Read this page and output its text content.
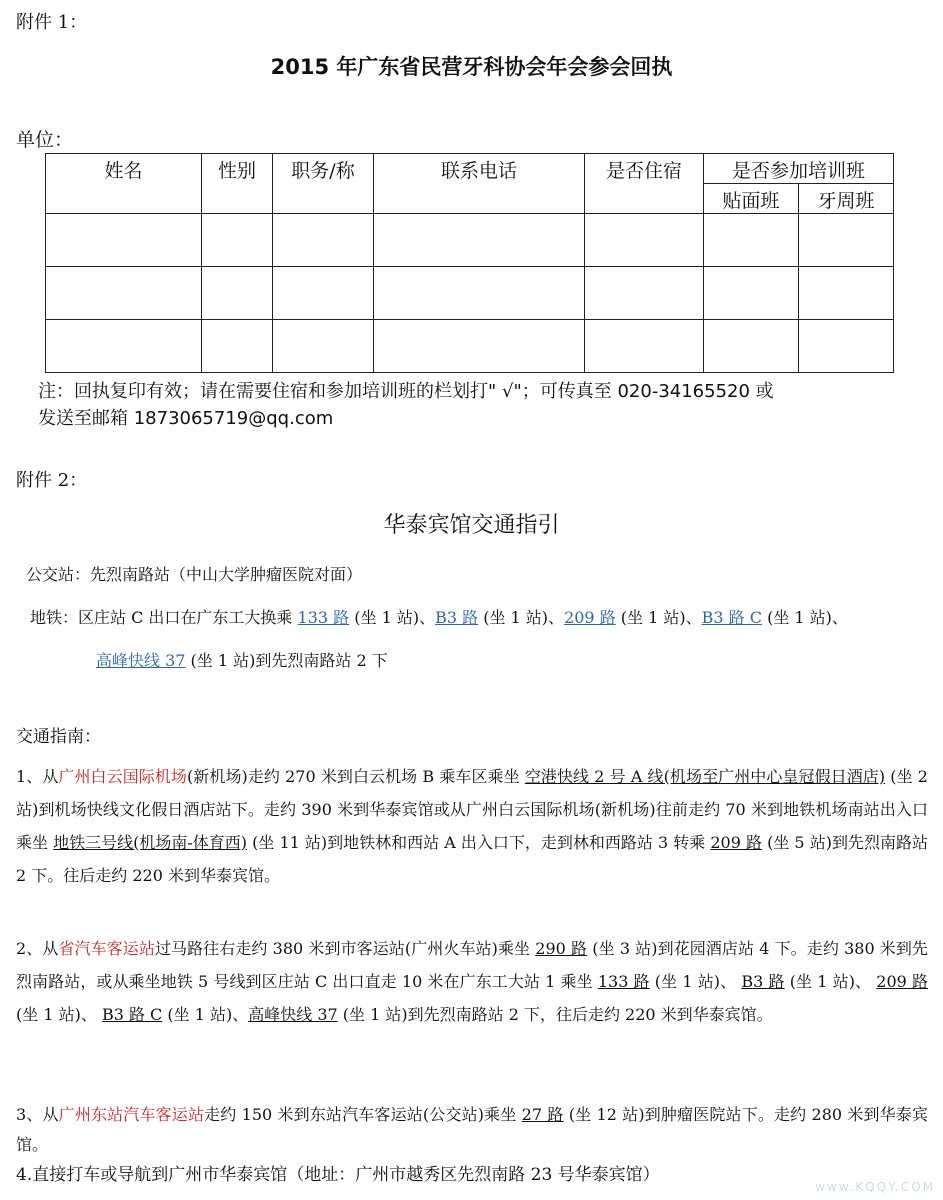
附件 1：
2015 年广东省民营牙科协会年会参会回执
单位：
姓名	性别	职务/称	联系电话	是否住宿	是否参加培训班	
					贴面班	牙周班

注：回执复印有效；请在需要住宿和参加培训班的栏划打" √"；可传真至 020-34165520 或
发送至邮箱 1873065719@qq.com
附件 2：
华泰宾馆交通指引
公交站：先烈南路站（中山大学肿瘤医院对面）
地铁：区庄站 C 出口在广东工大换乘 133 路 (坐 1 站)、B3 路 (坐 1 站)、209 路 (坐 1 站)、B3 路 C (坐 1 站)、
高峰快线 37 (坐 1 站)到先烈南路站 2 下
交通指南：
1、从广州白云国际机场(新机场)走约 270 米到白云机场 B 乘车区乘坐 空港快线 2 号 A 线(机场至广州中心皇冠假日酒店) (坐 2 站)到机场快线文化假日酒店站下。走约 390 米到华泰宾馆或从广州白云国际机场(新机场)往前走约 70 米到地铁机场南站出入口乘坐 地铁三号线(机场南-体育西) (坐 11 站)到地铁林和西站 A 出入口下，走到林和西路站 3 转乘 209 路 (坐 5 站)到先烈南路站 2 下。往后走约 220 米到华泰宾馆。
2、从省汽车客运站过马路往右走约 380 米到市客运站(广州火车站)乘坐 290 路 (坐 3 站)到花园酒店站 4 下。走约 380 米到先烈南路站，或从乘坐地铁 5 号线到区庄站 C 出口直走 10 米在广东工大站 1 乘坐 133 路 (坐 1 站)、 B3 路 (坐 1 站)、 209 路 (坐 1 站)、 B3 路 C (坐 1 站)、高峰快线 37 (坐 1 站)到先烈南路站 2 下，往后走约 220 米到华泰宾馆。
3、从广州东站汽车客运站走约 150 米到东站汽车客运站(公交站)乘坐 27 路 (坐 12 站)到肿瘤医院站下。走约 280 米到华泰宾馆。
4.直接打车或导航到广州市华泰宾馆（地址：广州市越秀区先烈南路 23 号华泰宾馆）
www.KQQY.COM
